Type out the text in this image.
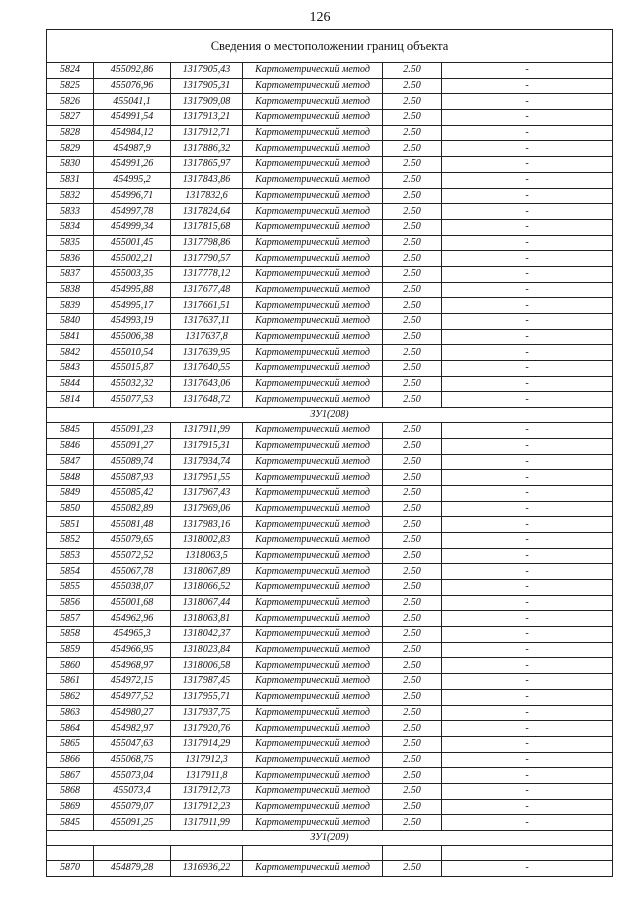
126
Сведения о местоположении границ объекта					
5824	455092,86	1317905,43	Картометрический метод	2.50	-
5825	455076,96	1317905,31	Картометрический метод	2.50	-
5826	455041,1	1317909,08	Картометрический метод	2.50	-
5827	454991,54	1317913,21	Картометрический метод	2.50	-
5828	454984,12	1317912,71	Картометрический метод	2.50	-
5829	454987,9	1317886,32	Картометрический метод	2.50	-
5830	454991,26	1317865,97	Картометрический метод	2.50	-
5831	454995,2	1317843,86	Картометрический метод	2.50	-
5832	454996,71	1317832,6	Картометрический метод	2.50	-
5833	454997,78	1317824,64	Картометрический метод	2.50	-
5834	454999,34	1317815,68	Картометрический метод	2.50	-
5835	455001,45	1317798,86	Картометрический метод	2.50	-
5836	455002,21	1317790,57	Картометрический метод	2.50	-
5837	455003,35	1317778,12	Картометрический метод	2.50	-
5838	454995,88	1317677,48	Картометрический метод	2.50	-
5839	454995,17	1317661,51	Картометрический метод	2.50	-
5840	454993,19	1317637,11	Картометрический метод	2.50	-
5841	455006,38	1317637,8	Картометрический метод	2.50	-
5842	455010,54	1317639,95	Картометрический метод	2.50	-
5843	455015,87	1317640,55	Картометрический метод	2.50	-
5844	455032,32	1317643,06	Картометрический метод	2.50	-
5814	455077,53	1317648,72	Картометрический метод	2.50	-
ЗУ1(208)					
5845	455091,23	1317911,99	Картометрический метод	2.50	-
5846	455091,27	1317915,31	Картометрический метод	2.50	-
5847	455089,74	1317934,74	Картометрический метод	2.50	-
5848	455087,93	1317951,55	Картометрический метод	2.50	-
5849	455085,42	1317967,43	Картометрический метод	2.50	-
5850	455082,89	1317969,06	Картометрический метод	2.50	-
5851	455081,48	1317983,16	Картометрический метод	2.50	-
5852	455079,65	1318002,83	Картометрический метод	2.50	-
5853	455072,52	1318063,5	Картометрический метод	2.50	-
5854	455067,78	1318067,89	Картометрический метод	2.50	-
5855	455038,07	1318066,52	Картометрический метод	2.50	-
5856	455001,68	1318067,44	Картометрический метод	2.50	-
5857	454962,96	1318063,81	Картометрический метод	2.50	-
5858	454965,3	1318042,37	Картометрический метод	2.50	-
5859	454966,95	1318023,84	Картометрический метод	2.50	-
5860	454968,97	1318006,58	Картометрический метод	2.50	-
5861	454972,15	1317987,45	Картометрический метод	2.50	-
5862	454977,52	1317955,71	Картометрический метод	2.50	-
5863	454980,27	1317937,75	Картометрический метод	2.50	-
5864	454982,97	1317920,76	Картометрический метод	2.50	-
5865	455047,63	1317914,29	Картометрический метод	2.50	-
5866	455068,75	1317912,3	Картометрический метод	2.50	-
5867	455073,04	1317911,8	Картометрический метод	2.50	-
5868	455073,4	1317912,73	Картометрический метод	2.50	-
5869	455079,07	1317912,23	Картометрический метод	2.50	-
5845	455091,25	1317911,99	Картометрический метод	2.50	-
ЗУ1(209)					

5870	454879,28	1316936,22	Картометрический метод	2.50	-
